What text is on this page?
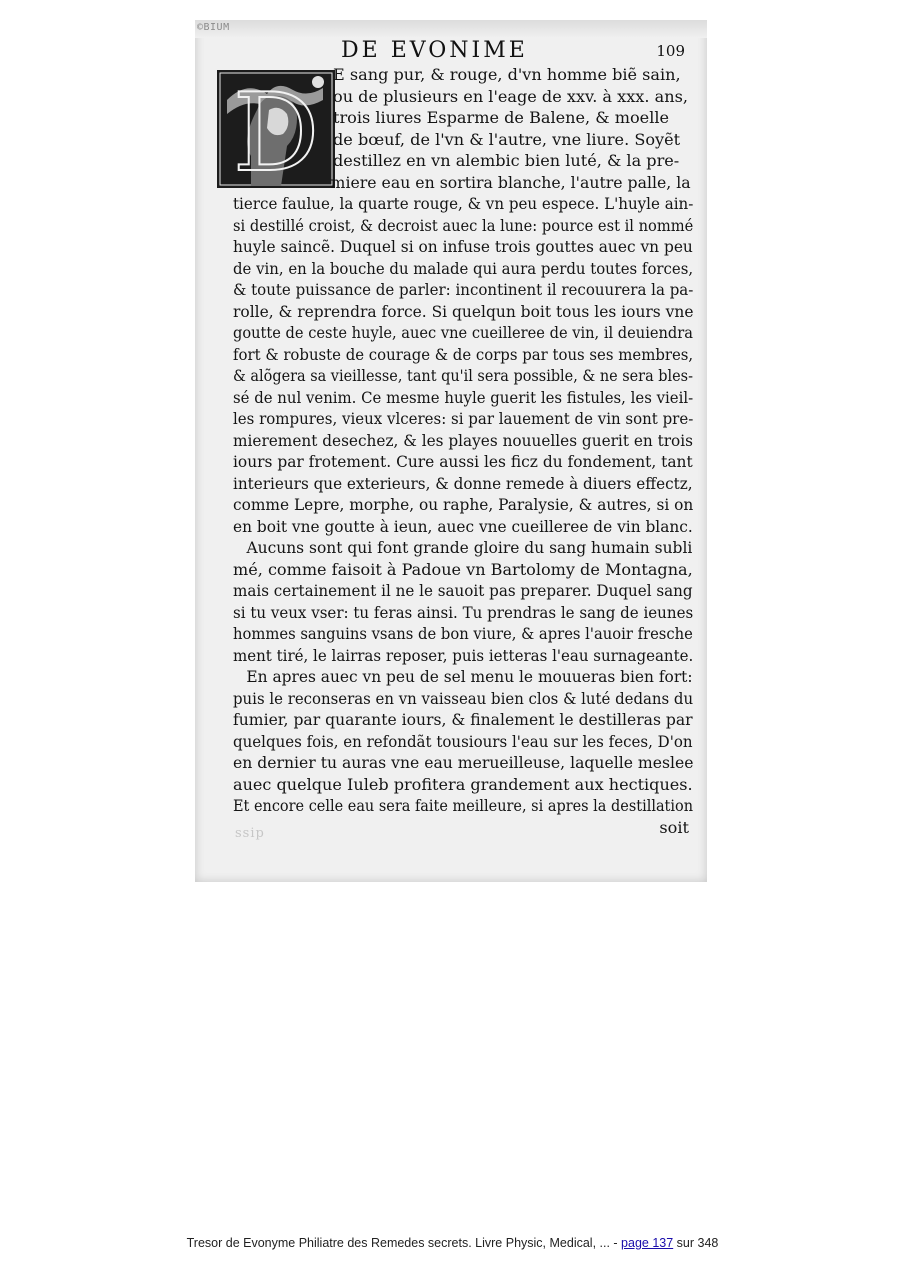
©BIUM
DE EVONIME	109
D E sang pur, & rouge, d'vn homme biẽ sain,
ou de plusieurs en l'eage de xxv. à xxx. ans,
trois liures Esparme de Balene, & moelle
de bœuf, de l'vn & l'autre, vne liure. Soyẽt
destillez en vn alembic bien luté, & la pre-
miere eau en sortira blanche, l'autre palle, la
tierce faulue, la quarte rouge, & vn peu espece. L'huyle ain-
si destillé croist, & decroist auec la lune: pource est il nommé
huyle saincẽ. Duquel si on infuse trois gouttes auec vn peu
de vin, en la bouche du malade qui aura perdu toutes forces,
& toute puissance de parler: incontinent il recouurera la pa-
rolle, & reprendra force. Si quelqun boit tous les iours vne
goutte de ceste huyle, auec vne cueilleree de vin, il deuiendra
fort & robuste de courage & de corps par tous ses membres,
& alõgera sa vieillesse, tant qu'il sera possible, & ne sera bles-
sé de nul venim. Ce mesme huyle guerit les fistules, les vieil-
les rompures, vieux vlceres: si par lauement de vin sont pre-
mierement desechez, & les playes nouuelles guerit en trois
iours par frotement. Cure aussi les ficz du fondement, tant
interieurs que exterieurs, & donne remede à diuers effectz,
comme Lepre, morphe, ou raphe, Paralysie, & autres, si on
en boit vne goutte à ieun, auec vne cueilleree de vin blanc.
Aucuns sont qui font grande gloire du sang humain subli
mé, comme faisoit à Padoue vn Bartolomy de Montagna,
mais certainement il ne le sauoit pas preparer. Duquel sang
si tu veux vser: tu feras ainsi. Tu prendras le sang de ieunes
hommes sanguins vsans de bon viure, & apres l'auoir fresche
ment tiré, le lairras reposer, puis ietteras l'eau surnageante.
En apres auec vn peu de sel menu le mouueras bien fort:
puis le reconseras en vn vaisseau bien clos & luté dedans du
fumier, par quarante iours, & finalement le destilleras par
quelques fois, en refondãt tousiours l'eau sur les feces, D'on
en dernier tu auras vne eau merueilleuse, laquelle meslee
auec quelque Iuleb profitera grandement aux hectiques.
Et encore celle eau sera faite meilleure, si apres la destillation
soit
ssip
Tresor de Evonyme Philiatre des Remedes secrets. Livre Physic, Medical, ... - page 137 sur 348
